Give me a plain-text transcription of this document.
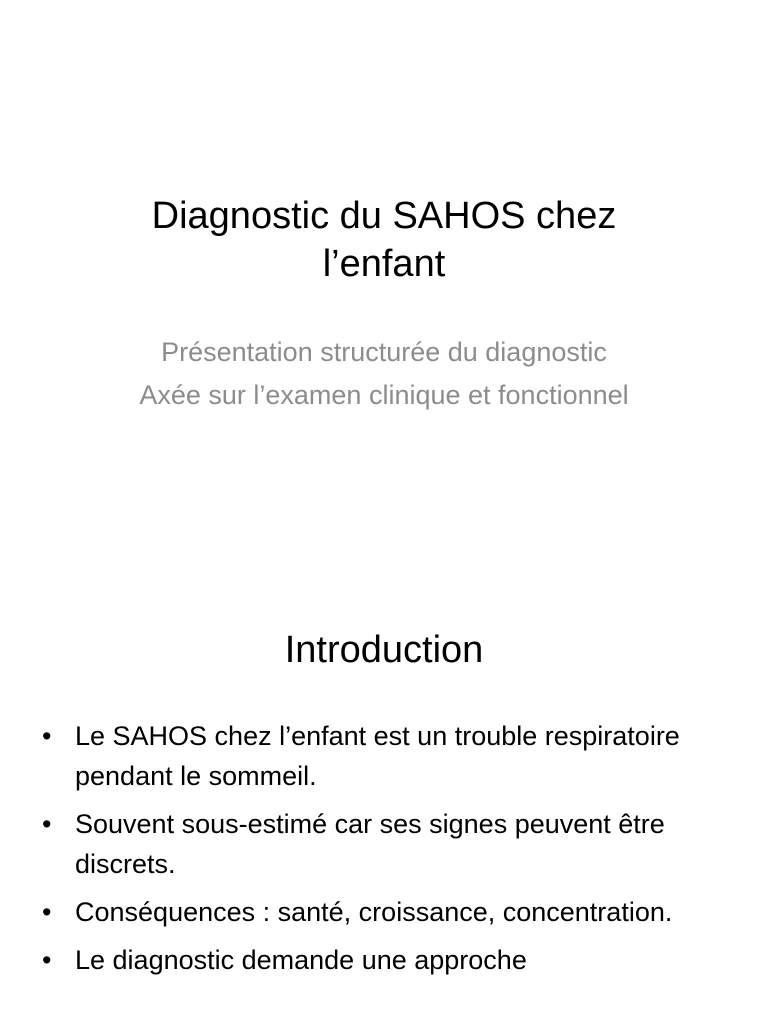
Diagnostic du SAHOS chez l’enfant

Présentation structurée du diagnostic

Axée sur l’examen clinique et fonctionnel

Introduction
• Le SAHOS chez l’enfant est un trouble respiratoire pendant le sommeil.
• Souvent sous-estimé car ses signes peuvent être discrets.
• Conséquences : santé, croissance, concentration.
• Le diagnostic demande une approche
